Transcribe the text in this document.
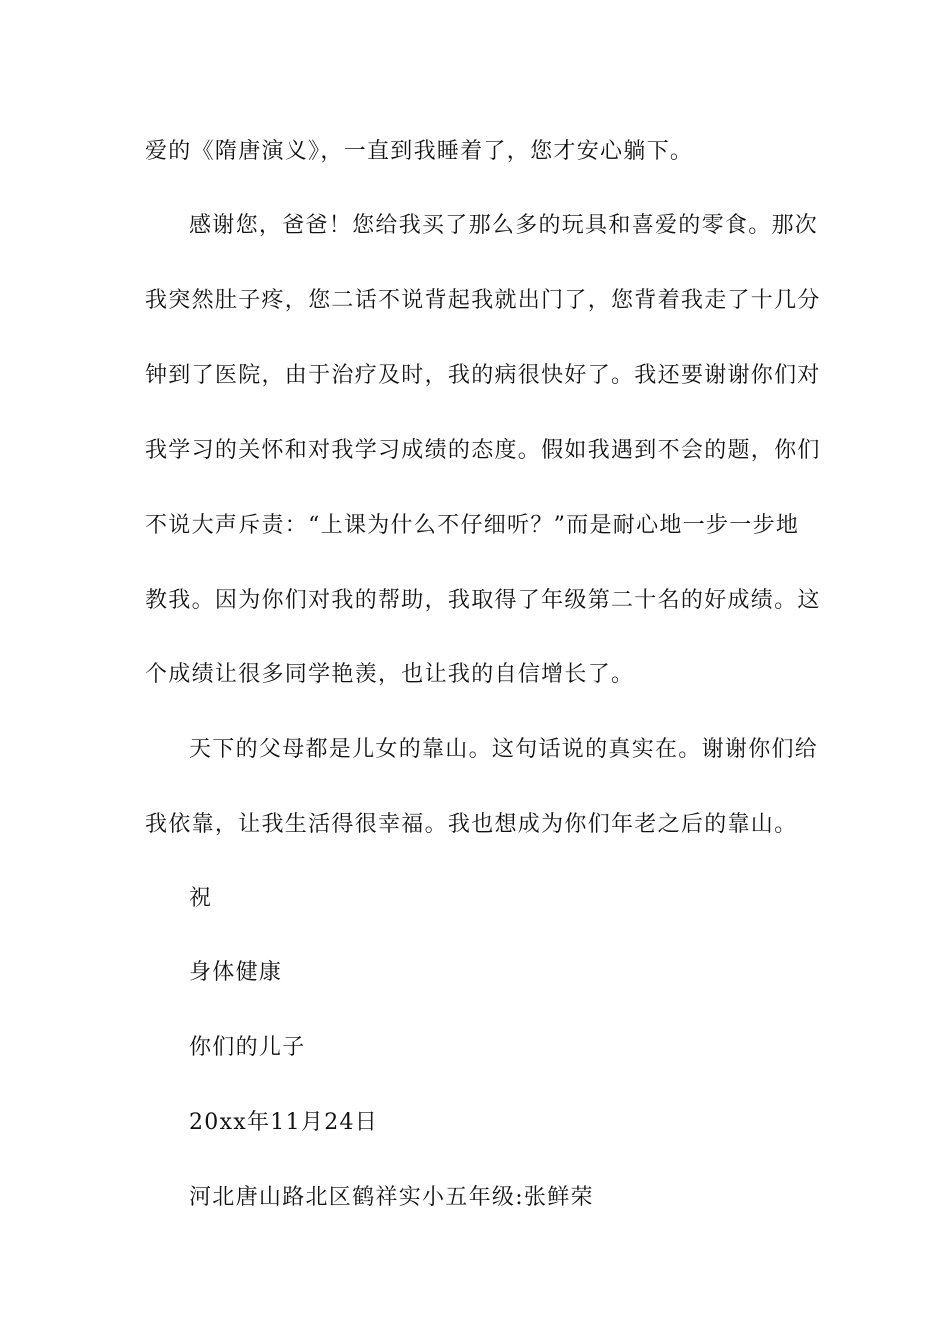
爱的《隋唐演义》，一直到我睡着了，您才安心躺下。
感谢您，爸爸！您给我买了那么多的玩具和喜爱的零食。那次
我突然肚子疼，您二话不说背起我就出门了，您背着我走了十几分
钟到了医院，由于治疗及时，我的病很快好了。我还要谢谢你们对
我学习的关怀和对我学习成绩的态度。假如我遇到不会的题，你们
不说大声斥责：“上课为什么不仔细听？”而是耐心地一步一步地
教我。因为你们对我的帮助，我取得了年级第二十名的好成绩。这
个成绩让很多同学艳羡，也让我的自信增长了。
天下的父母都是儿女的靠山。这句话说的真实在。谢谢你们给
我依靠，让我生活得很幸福。我也想成为你们年老之后的靠山。
祝
身体健康
你们的儿子
20xx年11月24日
河北唐山路北区鹤祥实小五年级:张鲜荣
